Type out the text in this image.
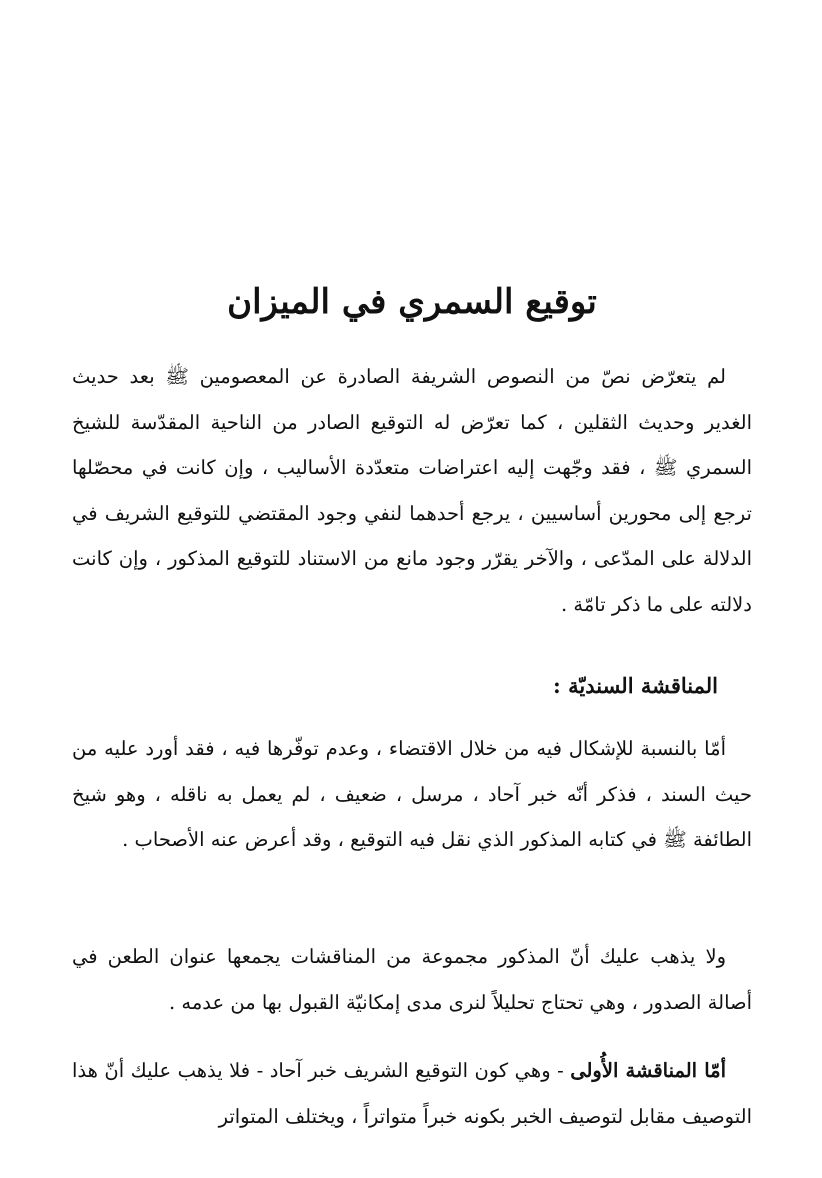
توقيع السمري في الميزان

لم يتعرّض نصّ من النصوص الشريفة الصادرة عن المعصومين ﷺ بعد حديث الغدير وحديث الثقلين ، كما تعرّض له التوقيع الصادر من الناحية المقدّسة للشيخ السمري ﷺ ، فقد وجّهت إليه اعتراضات متعدّدة الأساليب ، وإن كانت في محصّلها ترجع إلى محورين أساسيين ، يرجع أحدهما لنفي وجود المقتضي للتوقيع الشريف في الدلالة على المدّعى ، والآخر يقرّر وجود مانع من الاستناد للتوقيع المذكور ، وإن كانت دلالته على ما ذكر تامّة .

المناقشة السنديّة :

أمّا بالنسبة للإشكال فيه من خلال الاقتضاء ، وعدم توفّرها فيه ، فقد أورد عليه من حيث السند ، فذكر أنّه خبر آحاد ، مرسل ، ضعيف ، لم يعمل به ناقله ، وهو شيخ الطائفة ﷺ في كتابه المذكور الذي نقل فيه التوقيع ، وقد أعرض عنه الأصحاب .

ولا يذهب عليك أنّ المذكور مجموعة من المناقشات يجمعها عنوان الطعن في أصالة الصدور ، وهي تحتاج تحليلاً لنرى مدى إمكانيّة القبول بها من عدمه .

أمّا المناقشة الأُولى - وهي كون التوقيع الشريف خبر آحاد - فلا يذهب عليك أنّ هذا التوصيف مقابل لتوصيف الخبر بكونه خبراً متواتراً ، ويختلف المتواتر
